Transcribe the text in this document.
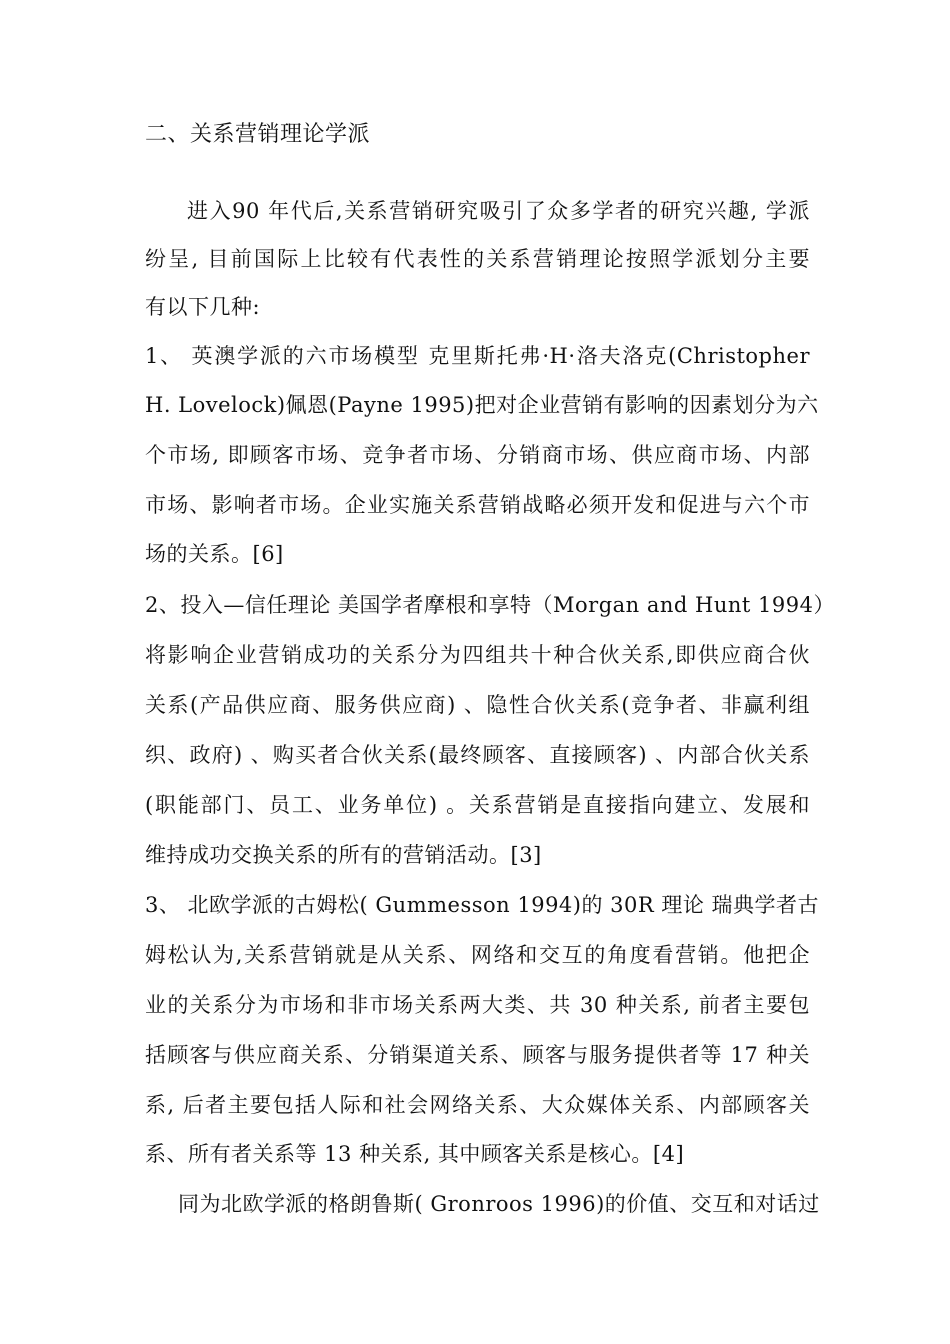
二、关系营销理论学派
进入90 年代后,关系营销研究吸引了众多学者的研究兴趣, 学派
纷呈, 目前国际上比较有代表性的关系营销理论按照学派划分主要
有以下几种:
1、 英澳学派的六市场模型 克里斯托弗·H·洛夫洛克(Christopher
H. Lovelock)佩恩(Payne 1995)把对企业营销有影响的因素划分为六
个市场, 即顾客市场、竞争者市场、分销商市场、供应商市场、内部
市场、影响者市场。企业实施关系营销战略必须开发和促进与六个市
场的关系。[6]
2、投入—信任理论 美国学者摩根和享特（Morgan and Hunt 1994）
将影响企业营销成功的关系分为四组共十种合伙关系,即供应商合伙
关系(产品供应商、服务供应商) 、隐性合伙关系(竞争者、非赢利组
织、政府) 、购买者合伙关系(最终顾客、直接顾客) 、内部合伙关系
(职能部门、员工、业务单位) 。关系营销是直接指向建立、发展和
维持成功交换关系的所有的营销活动。[3]
3、 北欧学派的古姆松( Gummesson 1994)的 30R 理论 瑞典学者古
姆松认为,关系营销就是从关系、网络和交互的角度看营销。他把企
业的关系分为市场和非市场关系两大类、共 30 种关系, 前者主要包
括顾客与供应商关系、分销渠道关系、顾客与服务提供者等 17 种关
系, 后者主要包括人际和社会网络关系、大众媒体关系、内部顾客关
系、所有者关系等 13 种关系, 其中顾客关系是核心。[4]
同为北欧学派的格朗鲁斯( Gronroos 1996)的价值、交互和对话过
